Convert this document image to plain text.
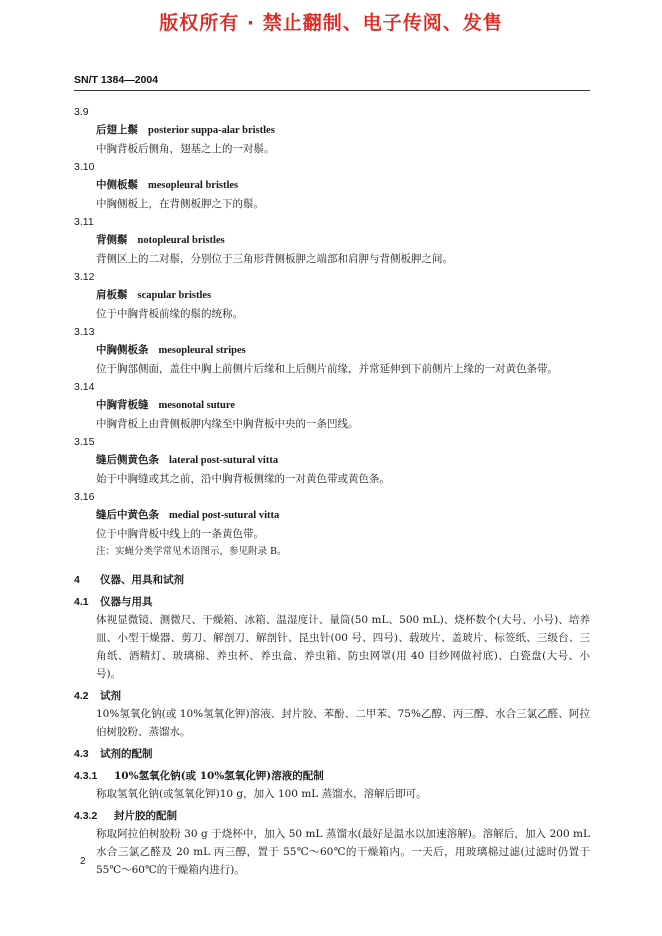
版权所有 · 禁止翻制、电子传阅、发售
SN/T 1384—2004
3.9
后翅上鬃 posterior suppa-alar bristles
中胸背板后侧角，翅基之上的一对鬃。
3.10
中侧板鬃 mesopleural bristles
中胸侧板上，在背侧板胛之下的鬃。
3.11
背侧鬃 notopleural bristles
背侧区上的二对鬃，分别位于三角形背侧板胛之端部和肩胛与背侧板胛之间。
3.12
肩板鬃 scapular bristles
位于中胸背板前缘的鬃的统称。
3.13
中胸侧板条 mesopleural stripes
位于胸部侧面，盖住中胸上前侧片后缘和上后侧片前缘，并常延伸到下前侧片上缘的一对黄色条带。
3.14
中胸背板缝 mesonotal suture
中胸背板上由背侧板胛内缘至中胸背板中央的一条凹线。
3.15
缝后侧黄色条 lateral post-sutural vitta
始于中胸缝或其之前，沿中胸背板侧缘的一对黄色带或黄色条。
3.16
缝后中黄色条 medial post-sutural vitta
位于中胸背板中线上的一条黄色带。
注：实蝇分类学常见术语图示，参见附录 B。
4 仪器、用具和试剂
4.1 仪器与用具
体视显微镜、测微尺、干燥箱、冰箱、温湿度计、量筒(50 mL、500 mL)、烧杯数个(大号、小号)、培养皿、小型干燥器、剪刀、解剖刀、解剖针、昆虫针(00 号、四号)、载玻片、盖玻片、标签纸、三级台、三角纸、酒精灯、玻璃棉、养虫杯、养虫盒、养虫箱、防虫网罩(用 40 目纱网做衬底)、白瓷盘(大号、小号)。
4.2 试剂
10%氢氧化钠(或 10%氢氧化钾)溶液、封片胶、苯酚、二甲苯、75%乙醇、丙三醇、水合三氯乙醛、阿拉伯树胶粉、蒸馏水。
4.3 试剂的配制
4.3.1 10%氢氧化钠(或 10%氢氧化钾)溶液的配制
称取氢氧化钠(或氢氧化钾)10 g，加入 100 mL 蒸馏水，溶解后即可。
4.3.2 封片胶的配制
称取阿拉伯树胶粉 30 g 于烧杯中，加入 50 mL 蒸馏水(最好是温水以加速溶解)。溶解后，加入 200 mL 水合三氯乙醛及 20 mL 丙三醇，置于 55℃～60℃的干燥箱内。一天后，用玻璃棉过滤(过滤时仍置于 55℃～60℃的干燥箱内进行)。
2
